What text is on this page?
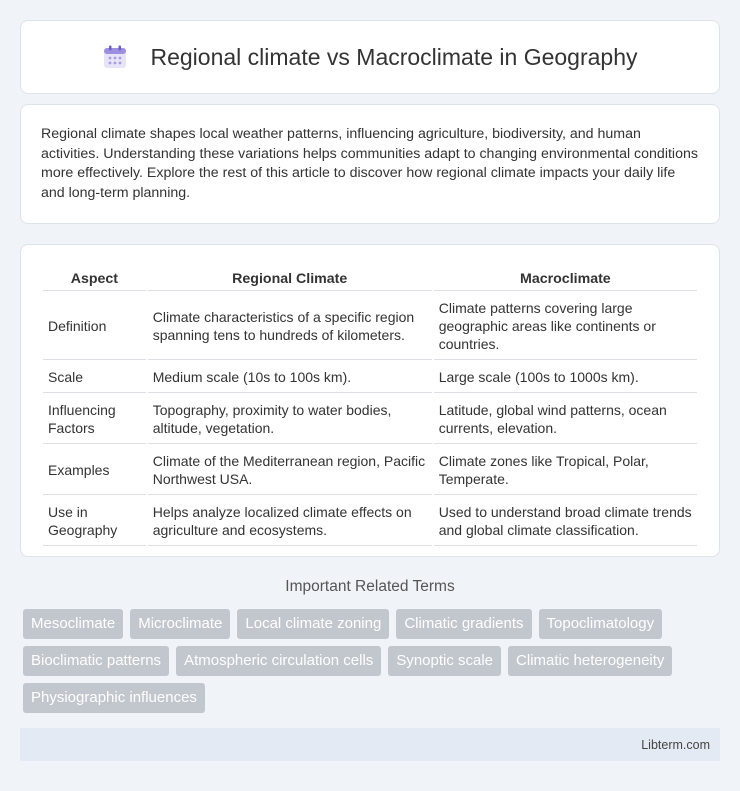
Regional climate vs Macroclimate in Geography

Regional climate shapes local weather patterns, influencing agriculture, biodiversity, and human activities. Understanding these variations helps communities adapt to changing environmental conditions more effectively. Explore the rest of this article to discover how regional climate impacts your daily life and long-term planning.

Aspect	Regional Climate	Macroclimate
Definition	Climate characteristics of a specific region spanning tens to hundreds of kilometers.	Climate patterns covering large geographic areas like continents or countries.
Scale	Medium scale (10s to 100s km).	Large scale (100s to 1000s km).
Influencing Factors	Topography, proximity to water bodies, altitude, vegetation.	Latitude, global wind patterns, ocean currents, elevation.
Examples	Climate of the Mediterranean region, Pacific Northwest USA.	Climate zones like Tropical, Polar, Temperate.
Use in Geography	Helps analyze localized climate effects on agriculture and ecosystems.	Used to understand broad climate trends and global climate classification.
Important Related Terms
Mesoclimate	Microclimate	Local climate zoning	Climatic gradients	Topoclimatology
Bioclimatic patterns	Atmospheric circulation cells	Synoptic scale	Climatic heterogeneity
Physiographic influences
Libterm.com
